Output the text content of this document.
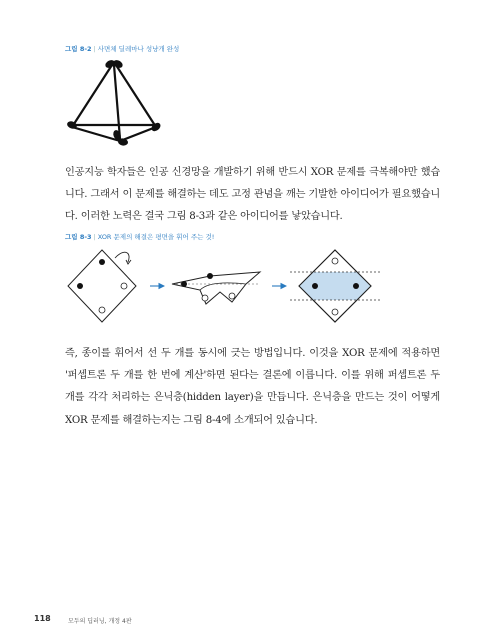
그림 8-2 | 사면체 딜레마나 성냥개 완성

인공지능 학자들은 인공 신경망을 개발하기 위해 반드시 XOR 문제를 극복해야만 했습니다. 그래서 이 문제를 해결하는 데도 고정 관념을 깨는 기발한 아이디어가 필요했습니다. 이러한 노력은 결국 그림 8-3과 같은 아이디어를 낳았습니다.

그림 8-3 | XOR 문제의 해결은 평면을 휘어 주는 것!

즉, 종이를 휘어서 선 두 개를 동시에 긋는 방법입니다. 이것을 XOR 문제에 적용하면 '퍼셉트론 두 개를 한 번에 계산'하면 된다는 결론에 이릅니다. 이를 위해 퍼셉트론 두 개를 각각 처리하는 은닉층(hidden layer)을 만듭니다. 은닉층을 만드는 것이 어떻게 XOR 문제를 해결하는지는 그림 8-4에 소개되어 있습니다.

118	모두의 딥러닝, 개정 4판
